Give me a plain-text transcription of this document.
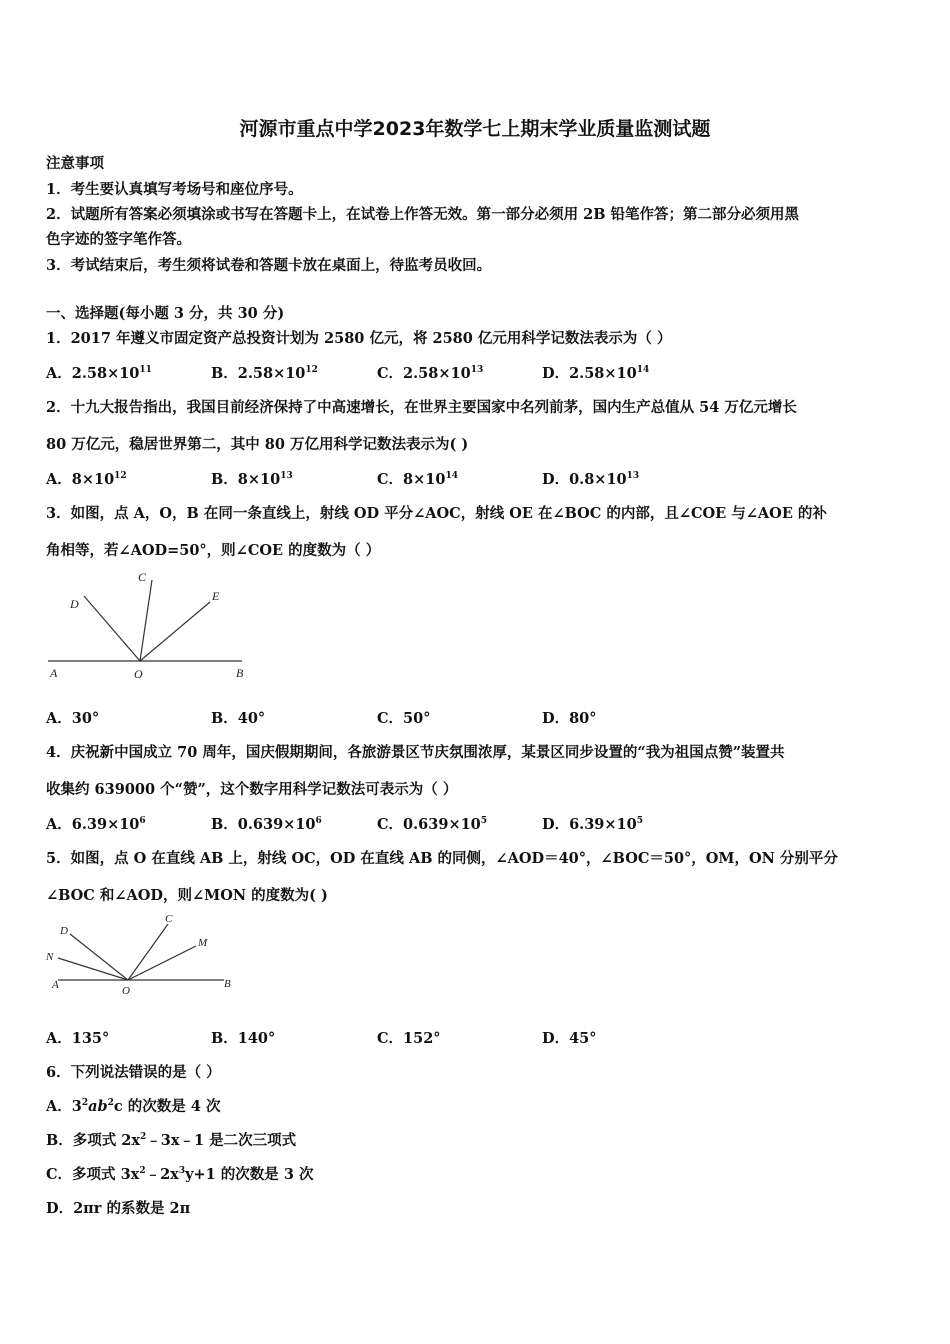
河源市重点中学2023年数学七上期末学业质量监测试题
注意事项
1．考生要认真填写考场号和座位序号。
2．试题所有答案必须填涂或书写在答题卡上，在试卷上作答无效。第一部分必须用 2B 铅笔作答；第二部分必须用黑
色字迹的签字笔作答。
3．考试结束后，考生须将试卷和答题卡放在桌面上，待监考员收回。
一、选择题(每小题 3 分，共 30 分)
1．2017 年遵义市固定资产总投资计划为 2580 亿元，将 2580 亿元用科学记数法表示为（ ）
A．$2.58\times 10^{11}$	B．$2.58\times 10^{12}$	C．$2.58\times 10^{13}$	D．$2.58\times 10^{14}$
2．十九大报告指出，我国目前经济保持了中高速增长，在世界主要国家中名列前茅，国内生产总值从 54 万亿元增长
80 万亿元，稳居世界第二，其中 80 万亿用科学记数法表示为( )
A．$8\times 10^{12}$	B．$8\times 10^{13}$	C．$8\times 10^{14}$	D．$0.8\times 10^{13}$
3．如图，点 A，O，B 在同一条直线上，射线 OD 平分∠AOC，射线 OE 在∠BOC 的内部，且∠COE 与∠AOE 的补
角相等，若∠AOD=50°，则∠COE 的度数为（ ）
A	O	B
C
D
E
A．30°	B．40°	C．50°	D．80°
4．庆祝新中国成立 70 周年，国庆假期期间，各旅游景区节庆氛围浓厚，某景区同步设置的“我为祖国点赞”装置共
收集约 639000 个“赞”，这个数字用科学记数法可表示为（ ）
A．$6.39\times 10^6$	B．$0.639\times 10^6$	C．$0.639\times 10^5$	D．$6.39\times 10^5$
5．如图，点 O 在直线 AB 上，射线 OC，OD 在直线 AB 的同侧，∠AOD＝40°，∠BOC＝50°，OM，ON 分别平分
∠BOC 和∠AOD，则∠MON 的度数为( )
A	O
B
C
D
M
N
A．135°	B．140°	C．152°	D．45°
6．下列说法错误的是（ ）
A．$3^2ab^2c$ 的次数是 4 次
B．多项式 $2x^2﹣3x﹣1$ 是二次三项式
C．多项式 $3x^2﹣2x^3y+1$ 的次数是 3 次
D．2πr 的系数是 2π
